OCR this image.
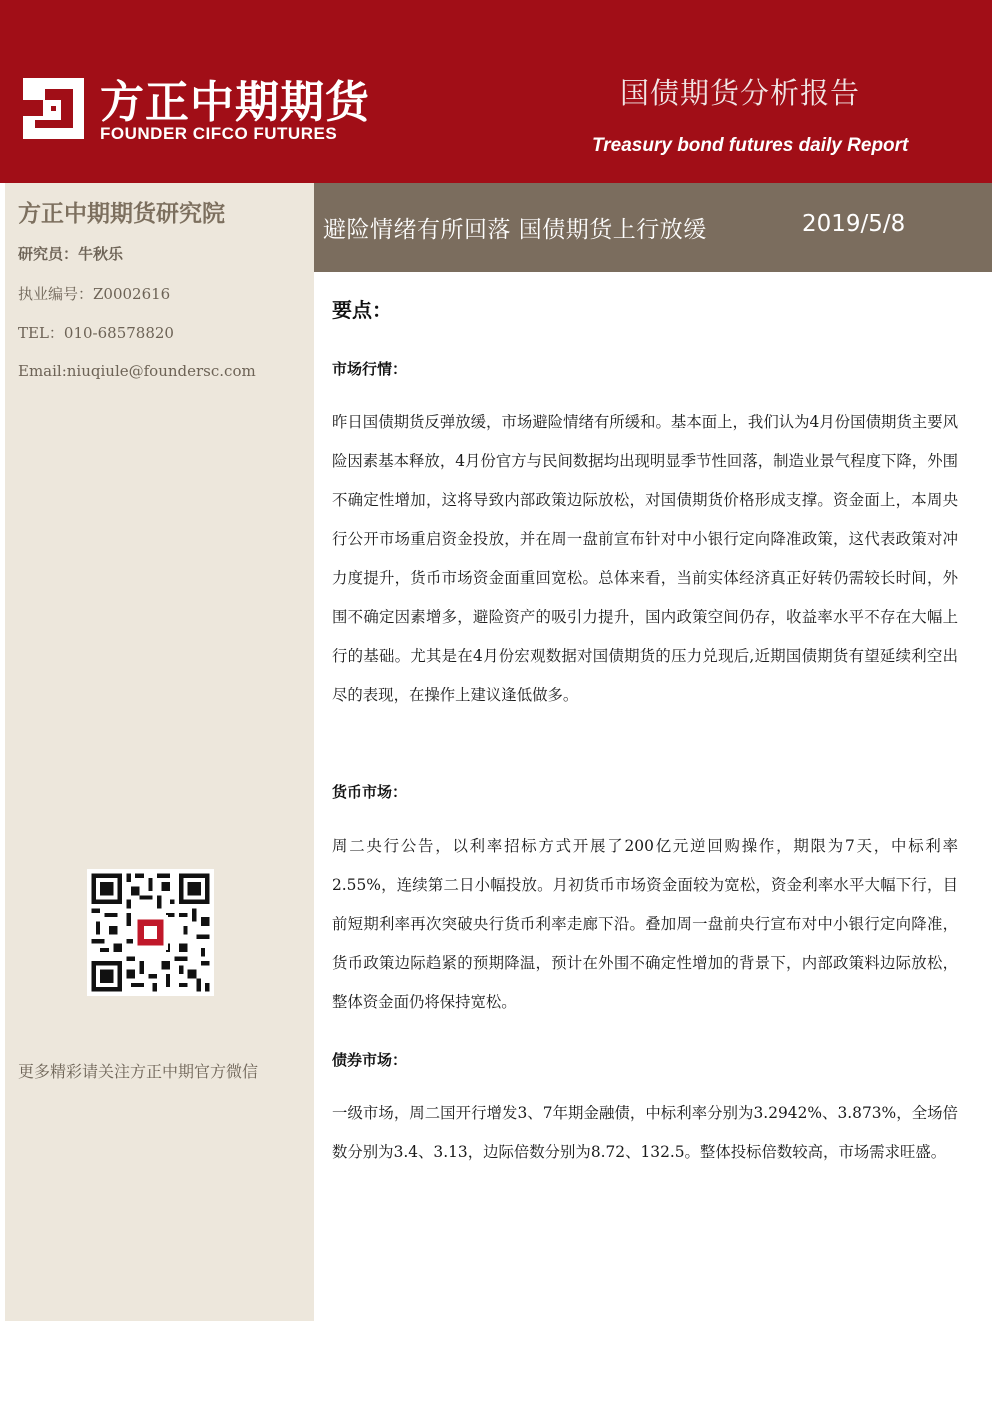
方正中期期货
FOUNDER CIFCO FUTURES
国债期货分析报告
Treasury bond futures daily Report
方正中期期货研究院
研究员：牛秋乐
执业编号：Z0002616
TEL：010-68578820
Email:niuqiule@foundersc.com
更多精彩请关注方正中期官方微信
避险情绪有所回落 国债期货上行放缓	2019/5/8
要点：
市场行情：

昨日国债期货反弹放缓，市场避险情绪有所缓和。基本面上，我们认为4月份国债期货主要风险因素基本释放，4月份官方与民间数据均出现明显季节性回落，制造业景气程度下降，外围不确定性增加，这将导致内部政策边际放松，对国债期货价格形成支撑。资金面上，本周央行公开市场重启资金投放，并在周一盘前宣布针对中小银行定向降准政策，这代表政策对冲力度提升，货币市场资金面重回宽松。总体来看，当前实体经济真正好转仍需较长时间，外围不确定因素增多，避险资产的吸引力提升，国内政策空间仍存，收益率水平不存在大幅上行的基础。尤其是在4月份宏观数据对国债期货的压力兑现后,近期国债期货有望延续利空出尽的表现，在操作上建议逢低做多。

货币市场：

周二央行公告，以利率招标方式开展了200亿元逆回购操作，期限为7天，中标利率2.55%，连续第二日小幅投放。月初货币市场资金面较为宽松，资金利率水平大幅下行，目前短期利率再次突破央行货币利率走廊下沿。叠加周一盘前央行宣布对中小银行定向降准，货币政策边际趋紧的预期降温，预计在外围不确定性增加的背景下，内部政策料边际放松，整体资金面仍将保持宽松。

债券市场：

一级市场，周二国开行增发3、7年期金融债，中标利率分别为3.2942%、3.873%，全场倍数分别为3.4、3.13，边际倍数分别为8.72、132.5。整体投标倍数较高，市场需求旺盛。
